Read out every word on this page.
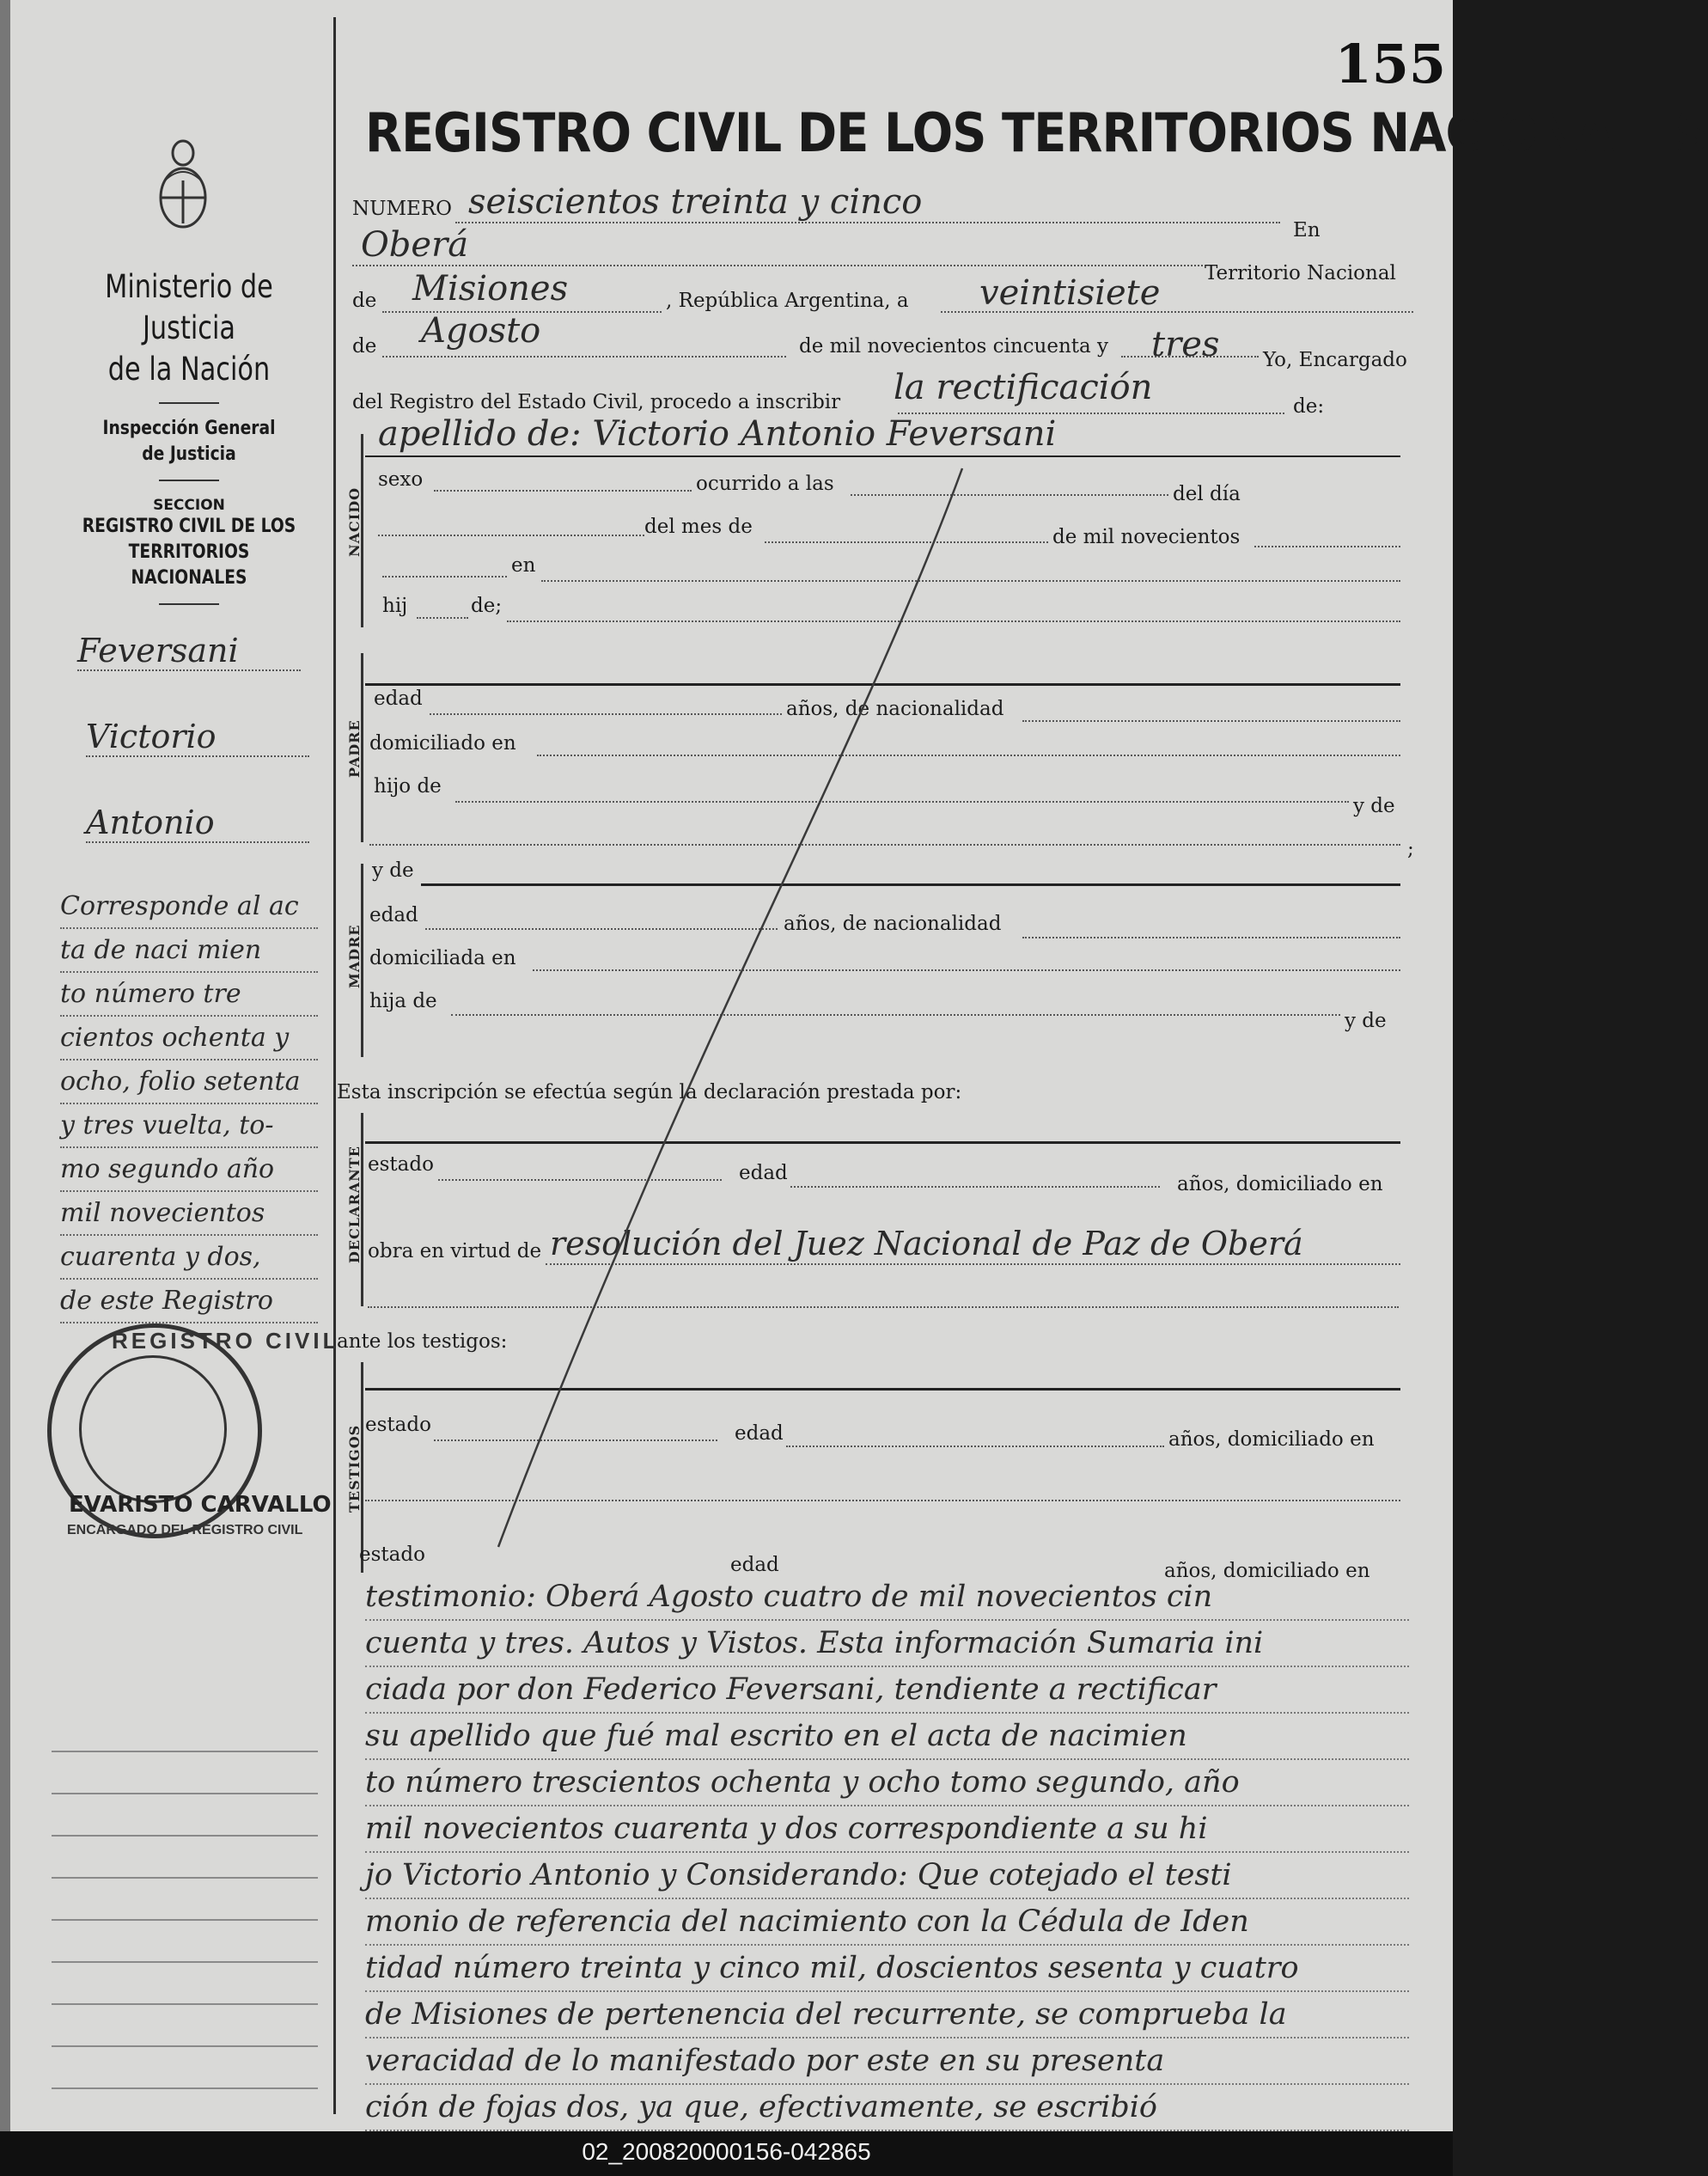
155
REGISTRO CIVIL DE LOS TERRITORIOS NACIONALES
Ministerio de Justicia
de la Nación
Inspección General
de Justicia
SECCION
REGISTRO CIVIL DE LOS
TERRITORIOS NACIONALES
Feversani
Victorio
Antonio
Corresponde al ac
ta de naci mien
to número tre
cientos ochenta y
ocho, folio setenta
y tres vuelta, to-
mo segundo año
mil novecientos
cuarenta y dos,
de este Registro
REGISTRO CIVIL
EVARISTO CARVALLO
ENCARGADO DEL REGISTRO CIVIL
NUMERO seiscientos treinta y cinco
En
Oberá
Territorio Nacional
de Misiones	, República Argentina, a veintisiete
de Agosto	de mil novecientos cincuenta y tres Yo, Encargado
del Registro del Estado Civil, procedo a inscribir la rectificación	de:
apellido de: Victorio Antonio Feversani
NACIDO
sexo	ocurrido a las	del día
del mes de	de mil novecientos
en
hij	de;
PADRE
edad	años, de nacionalidad
domiciliado en
hijo de
y de
;
MADRE
y de
edad	años, de nacionalidad
domiciliada en
hija de
y de
Esta inscripción se efectúa según la declaración prestada por:
DECLARANTE estado	edad	años, domiciliado en
obra en virtud de resolución del Juez Nacional de Paz de Oberá
ante los testigos:
TESTIGOS estado	edad	años, domiciliado en
estado	edad	años, domiciliado en
testimonio: Oberá Agosto cuatro de mil novecientos cin
cuenta y tres. Autos y Vistos. Esta información Sumaria ini
ciada por don Federico Feversani, tendiente a rectificar
su apellido que fué mal escrito en el acta de nacimien
to número trescientos ochenta y ocho tomo segundo, año
mil novecientos cuarenta y dos correspondiente a su hi
jo Victorio Antonio y Considerando: Que cotejado el testi
monio de referencia del nacimiento con la Cédula de Iden
tidad número treinta y cinco mil, doscientos sesenta y cuatro
de Misiones de pertenencia del recurrente, se comprueba la
veracidad de lo manifestado por este en su presenta
ción de fojas dos, ya que, efectivamente, se escribió
02_200820000156-042865
